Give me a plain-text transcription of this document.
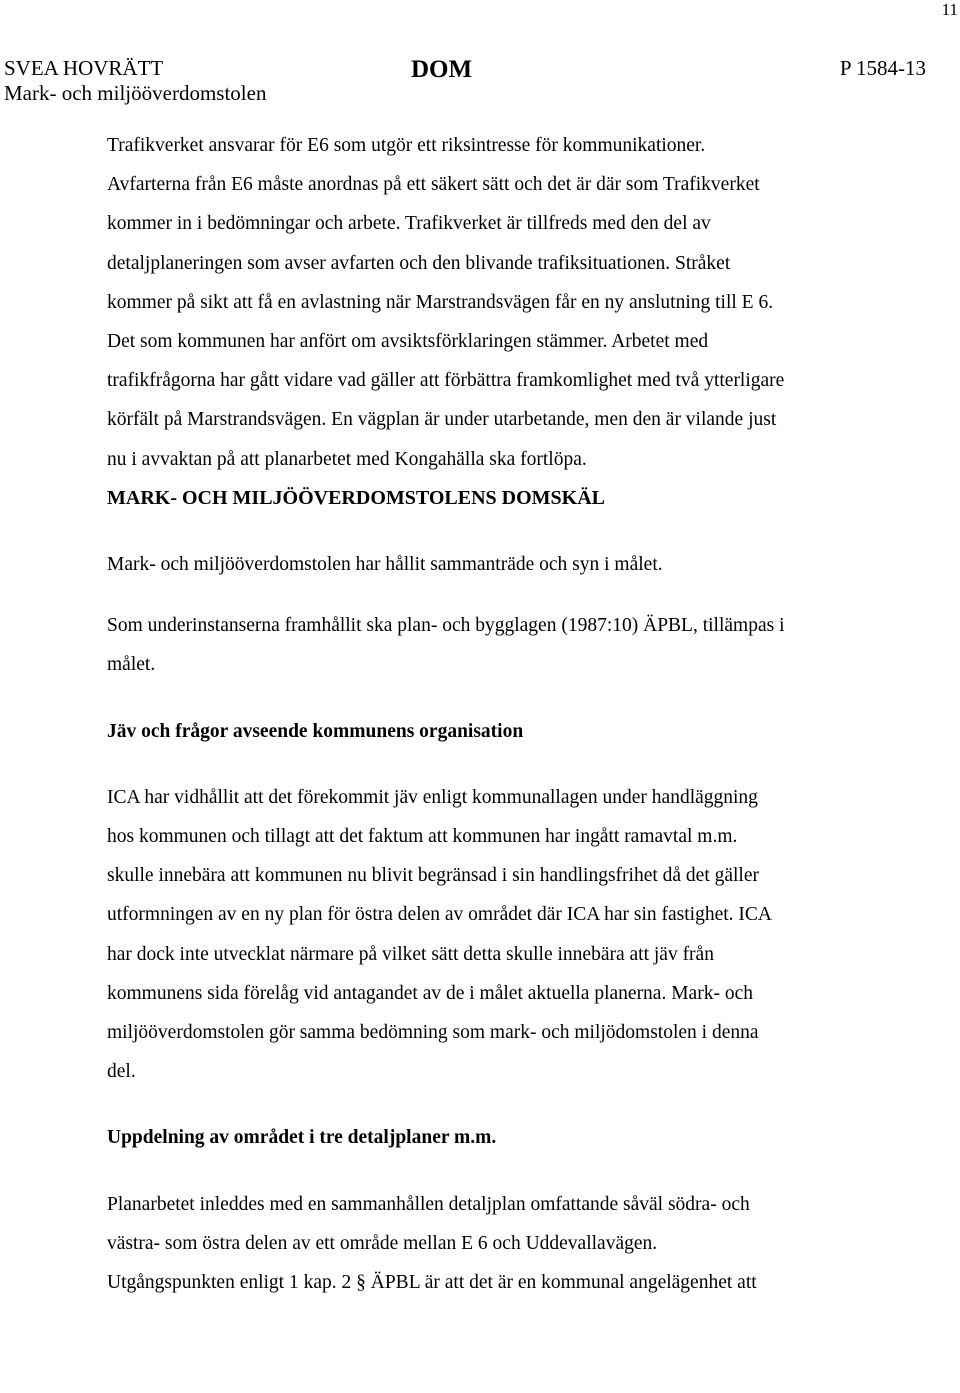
11
SVEA HOVRÄTT
Mark- och miljööverdomstolen
DOM	P 1584-13

Trafikverket ansvarar för E6 som utgör ett riksintresse för kommunikationer.
Avfarterna från E6 måste anordnas på ett säkert sätt och det är där som Trafikverket
kommer in i bedömningar och arbete. Trafikverket är tillfreds med den del av
detaljplaneringen som avser avfarten och den blivande trafiksituationen. Stråket
kommer på sikt att få en avlastning när Marstrandsvägen får en ny anslutning till E 6.
Det som kommunen har anfört om avsiktsförklaringen stämmer. Arbetet med
trafikfrågorna har gått vidare vad gäller att förbättra framkomlighet med två ytterligare
körfält på Marstrandsvägen. En vägplan är under utarbetande, men den är vilande just
nu i avvaktan på att planarbetet med Kongahälla ska fortlöpa.

MARK- OCH MILJÖÖVERDOMSTOLENS DOMSKÄL

Mark- och miljööverdomstolen har hållit sammanträde och syn i målet.

Som underinstanserna framhållit ska plan- och bygglagen (1987:10) ÄPBL, tillämpas i
målet.

Jäv och frågor avseende kommunens organisation

ICA har vidhållit att det förekommit jäv enligt kommunallagen under handläggning
hos kommunen och tillagt att det faktum att kommunen har ingått ramavtal m.m.
skulle innebära att kommunen nu blivit begränsad i sin handlingsfrihet då det gäller
utformningen av en ny plan för östra delen av området där ICA har sin fastighet. ICA
har dock inte utvecklat närmare på vilket sätt detta skulle innebära att jäv från
kommunens sida förelåg vid antagandet av de i målet aktuella planerna. Mark- och
miljööverdomstolen gör samma bedömning som mark- och miljödomstolen i denna
del.

Uppdelning av området i tre detaljplaner m.m.

Planarbetet inleddes med en sammanhållen detaljplan omfattande såväl södra- och
västra- som östra delen av ett område mellan E 6 och Uddevallavägen.
Utgångspunkten enligt 1 kap. 2 § ÄPBL är att det är en kommunal angelägenhet att
